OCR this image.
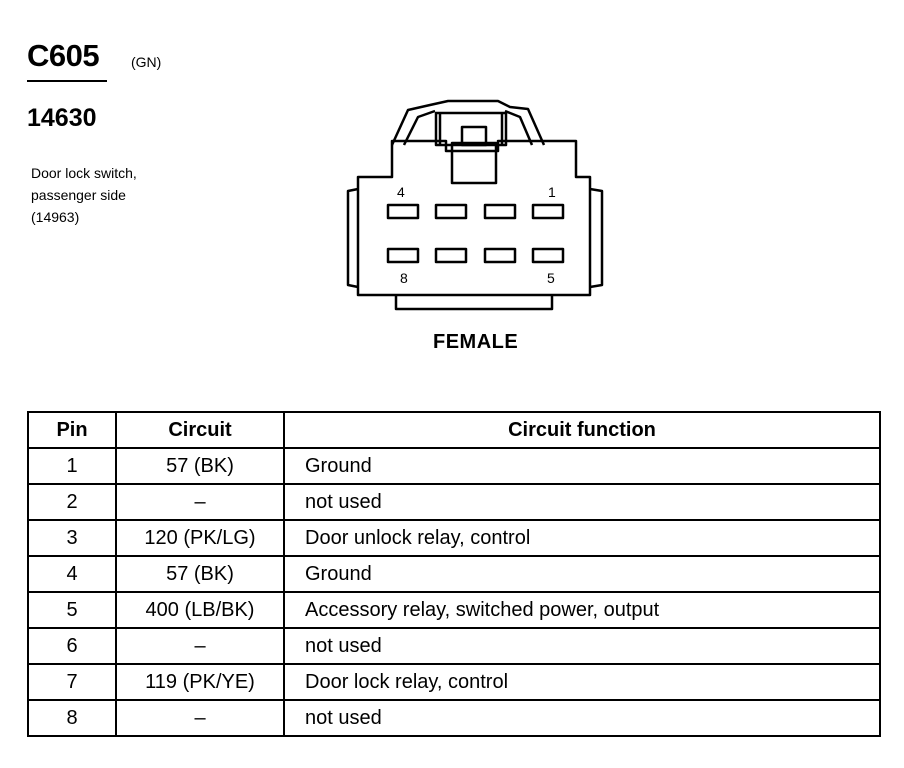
C605 (GN)
14630
Door lock switch,
passenger side
(14963)
4	1
8	5
FEMALE
Pin	Circuit	Circuit function
1	57 (BK)	Ground
2	–	not used
3	120 (PK/LG)	Door unlock relay, control
4	57 (BK)	Ground
5	400 (LB/BK)	Accessory relay, switched power, output
6	–	not used
7	119 (PK/YE)	Door lock relay, control
8	–	not used
